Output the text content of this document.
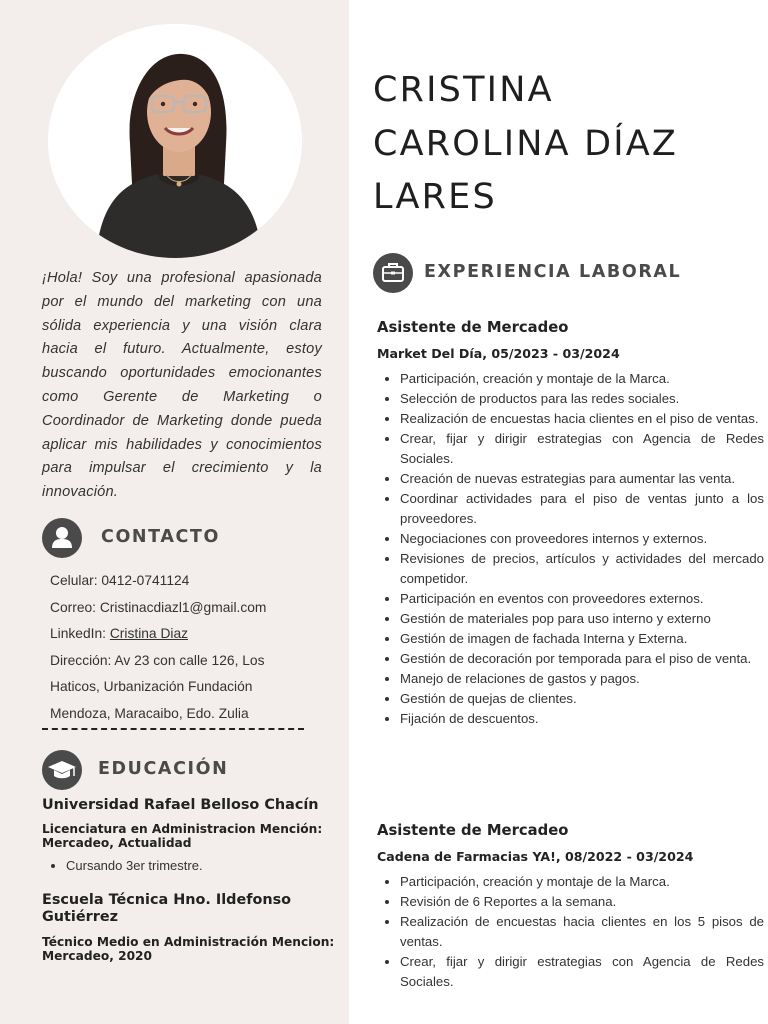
¡Hola! Soy una profesional apasionada por el mundo del marketing con una sólida experiencia y una visión clara hacia el futuro. Actualmente, estoy buscando oportunidades emocionantes como Gerente de Marketing o Coordinador de Marketing donde pueda aplicar mis habilidades y conocimientos para impulsar el crecimiento y la innovación.

CONTACTO
Celular: 0412-0741124
Correo: Cristinacdiazl1@gmail.com
LinkedIn: Cristina Diaz
Dirección: Av 23 con calle 126, Los Haticos, Urbanización Fundación Mendoza, Maracaibo, Edo. Zulia
EDUCACIÓN
Universidad Rafael Belloso Chacín
Licenciatura en Administracion Mención: Mercadeo, Actualidad
• Cursando 3er trimestre.
Escuela Técnica Hno. Ildefonso Gutiérrez
Técnico Medio en Administración Mencion: Mercadeo, 2020
CRISTINA
CAROLINA DÍAZ
LARES
EXPERIENCIA LABORAL
Asistente de Mercadeo
Market Del Día, 05/2023 - 03/2024
• Participación, creación y montaje de la Marca.
• Selección de productos para las redes sociales.
• Realización de encuestas hacia clientes en el piso de ventas.
• Crear, fijar y dirigir estrategias con Agencia de Redes Sociales.
• Creación de nuevas estrategias para aumentar las venta.
• Coordinar actividades para el piso de ventas junto a los proveedores.
• Negociaciones con proveedores internos y externos.
• Revisiones de precios, artículos y actividades del mercado competidor.
• Participación en eventos con proveedores externos.
• Gestión de materiales pop para uso interno y externo
• Gestión de imagen de fachada Interna y Externa.
• Gestión de decoración por temporada para el piso de venta.
• Manejo de relaciones de gastos y pagos.
• Gestión de quejas de clientes.
• Fijación de descuentos.
Asistente de Mercadeo
Cadena de Farmacias YA!, 08/2022 - 03/2024
• Participación, creación y montaje de la Marca.
• Revisión de 6 Reportes a la semana.
• Realización de encuestas hacia clientes en los 5 pisos de ventas.
• Crear, fijar y dirigir estrategias con Agencia de Redes Sociales.
